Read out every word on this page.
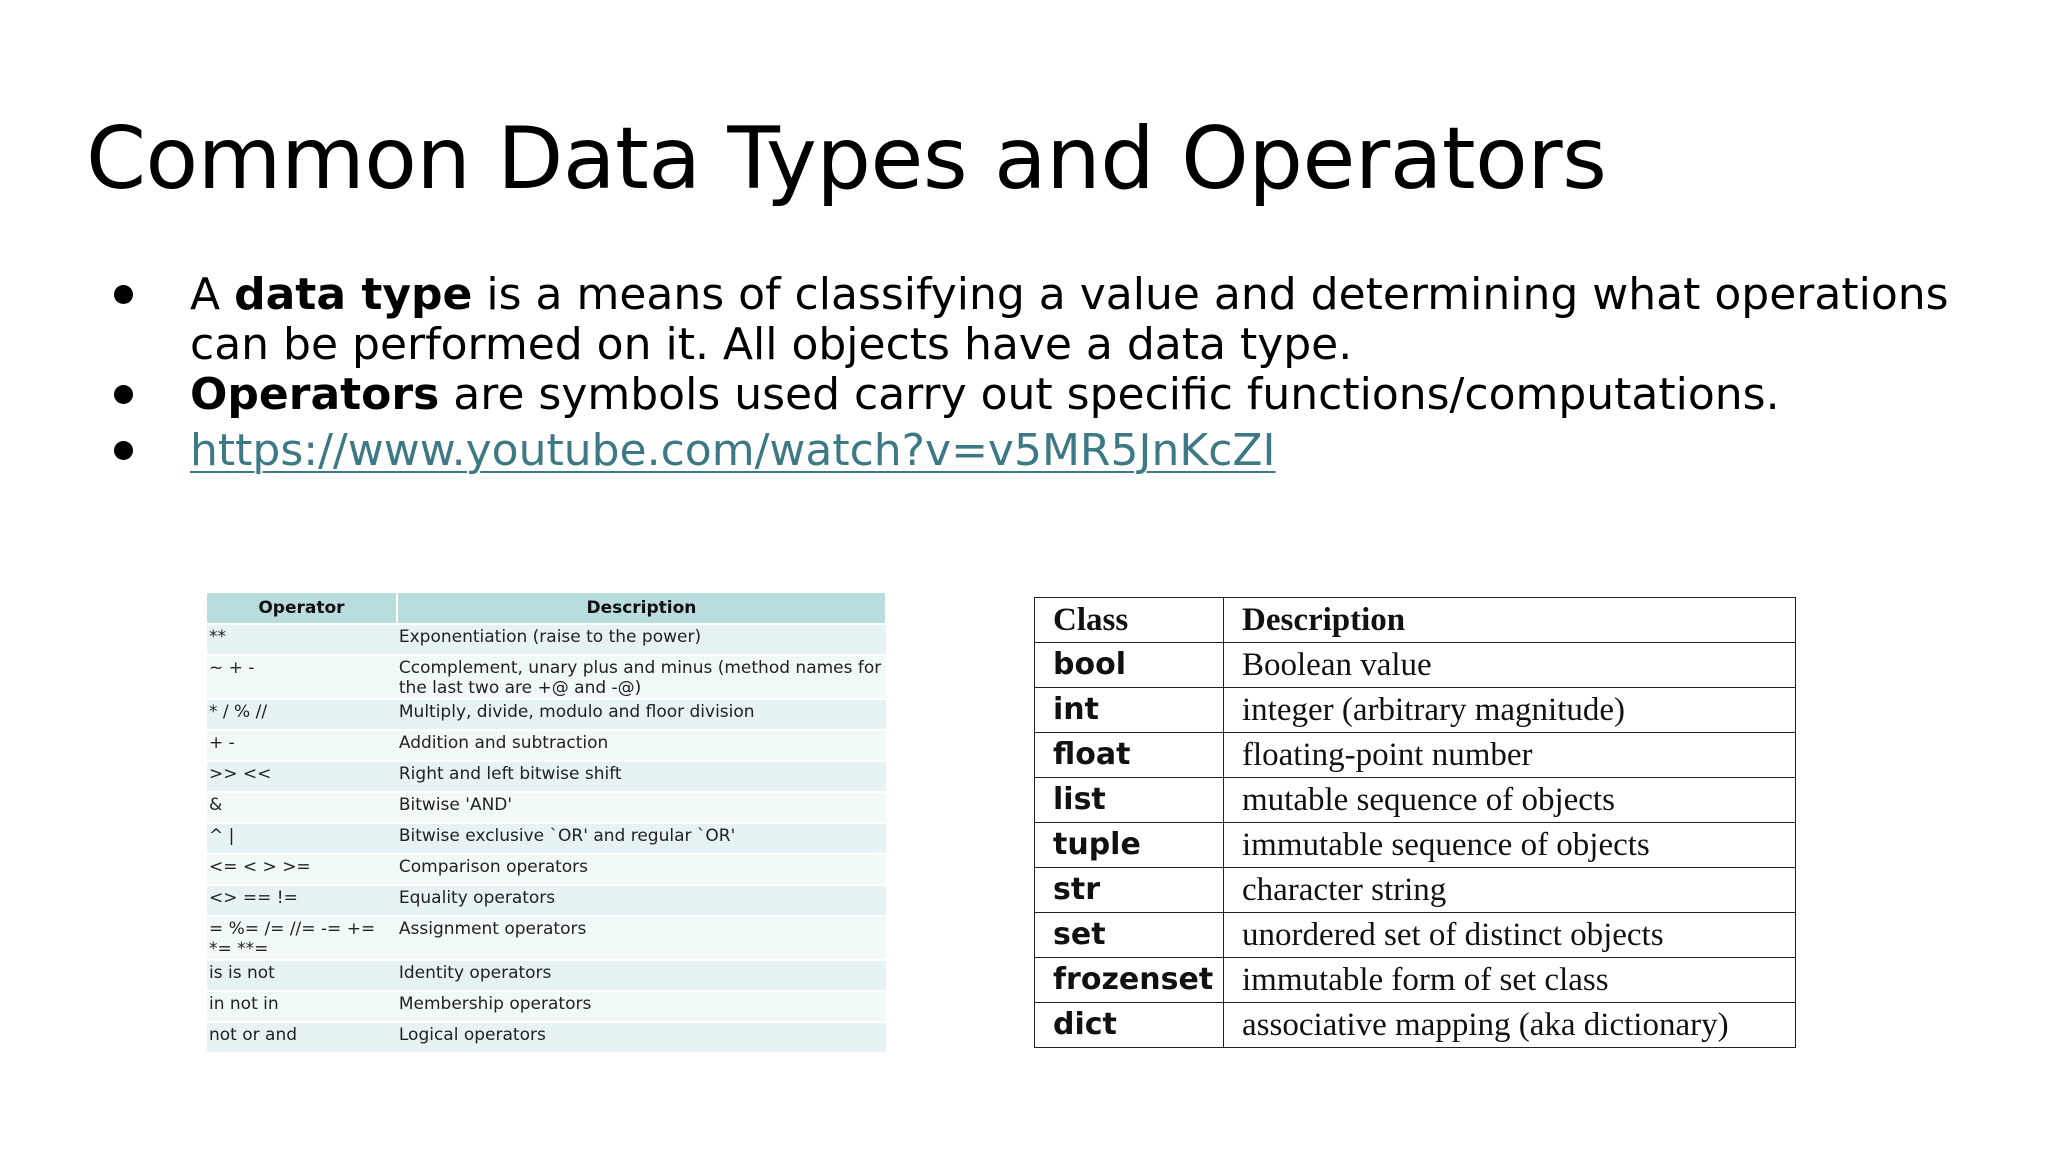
Common Data Types and Operators
A data type is a means of classifying a value and determining what operations can be performed on it. All objects have a data type.
Operators are symbols used carry out specific functions/computations.
https://www.youtube.com/watch?v=v5MR5JnKcZI
Operator	Description
**	Exponentiation (raise to the power)
~ + -	Ccomplement, unary plus and minus (method names for the last two are +@ and -@)
* / % //	Multiply, divide, modulo and floor division
+ -	Addition and subtraction
>> <<	Right and left bitwise shift
&	Bitwise 'AND'
^ |	Bitwise exclusive `OR' and regular `OR'
<= < > >=	Comparison operators
<> == !=	Equality operators
= %= /= //= -= += *= **=	Assignment operators
is is not	Identity operators
in not in	Membership operators
not or and	Logical operators
Class	Description
bool	Boolean value
int	integer (arbitrary magnitude)
float	floating-point number
list	mutable sequence of objects
tuple	immutable sequence of objects
str	character string
set	unordered set of distinct objects
frozenset	immutable form of set class
dict	associative mapping (aka dictionary)
